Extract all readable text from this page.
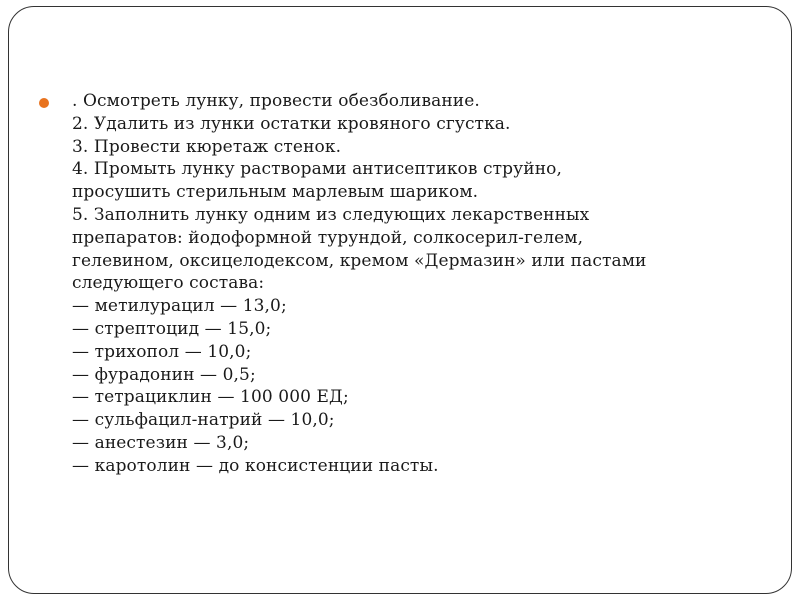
. Осмотреть лунку, провести обезболивание.
2. Удалить из лунки остатки кровяного сгустка.
3. Провести кюретаж стенок.
4. Промыть лунку растворами антисептиков струйно,
просушить стерильным марлевым шариком.
5. Заполнить лунку одним из следующих лекарственных
препаратов: йодоформной турундой, солкосерил-гелем,
гелевином, оксицелодексом, кремом «Дермазин» или пастами
следующего состава:
— метилурацил — 13,0;
— стрептоцид — 15,0;
— трихопол — 10,0;
— фурадонин — 0,5;
— тетрациклин — 100 000 ЕД;
— сульфацил-натрий — 10,0;
— анестезин — 3,0;
— каротолин — до консистенции пасты.
